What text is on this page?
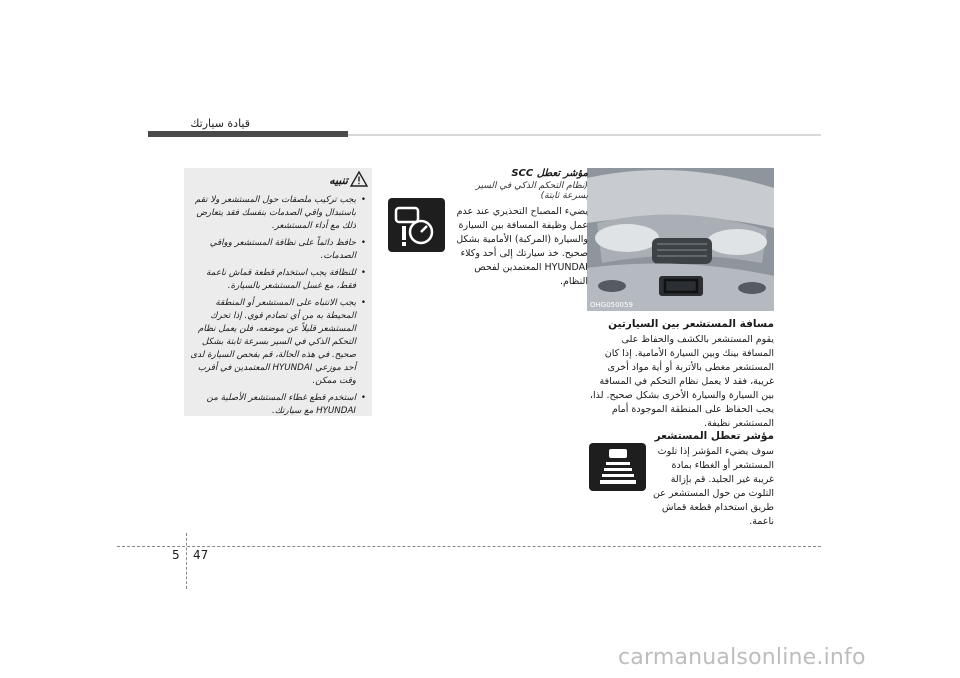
قيادة سيارتك
OHG050059

مسافة المستشعر بين السيارتين

يقوم المستشعر بالكشف والحفاظ على المسافة بينك وبين السيارة الأمامية. إذا كان المستشعر مغطى بالأتربة أو أية مواد أخرى غريبة، فقد لا يعمل نظام التحكم في المسافة بين السيارة والسيارة الأخرى بشكل صحيح. لذا، يجب الحفاظ على المنطقة الموجودة أمام المستشعر نظيفة.

مؤشر تعطل المستشعر

سوف يضيء المؤشر إذا تلوث المستشعر أو الغطاء بمادة غريبة غير الجليد. قم بإزالة التلوث من حول المستشعر عن طريق استخدام قطعة قماش ناعمة.

مؤشر تعطل SCC

(نظام التحكم الذكي في السير بسرعة ثابتة)

يضيء المصباح التحذيري عند عدم عمل وظيفة المسافة بين السيارة والسيارة (المركبة) الأمامية بشكل صحيح. خذ سيارتك إلى أحد وكلاء HYUNDAI المعتمدين لفحص النظام.

تنبيه
• يجب تركيب ملصقات حول المستشعر ولا تقم باستبدال واقي الصدمات بنفسك فقد يتعارض ذلك مع أداء المستشعر.
• حافظ دائماً على نظافة المستشعر وواقي الصدمات.
• للنظافة يجب استخدام قطعة قماش ناعمة فقط، مع غسل المستشعر بالسيارة.
• يجب الانتباه على المستشعر أو المنطقة المحيطة به من أي تصادم قوي. إذا تحرك المستشعر قليلاً عن موضعه، فلن يعمل نظام التحكم الذكي في السير بسرعة ثابتة بشكل صحيح. في هذه الحالة، قم بفحص السيارة لدى أحد موزعي HYUNDAI المعتمدين في أقرب وقت ممكن.
• استخدم قطع غطاء المستشعر الأصلية من HYUNDAI مع سيارتك.
5 47
carmanualsonline.info
